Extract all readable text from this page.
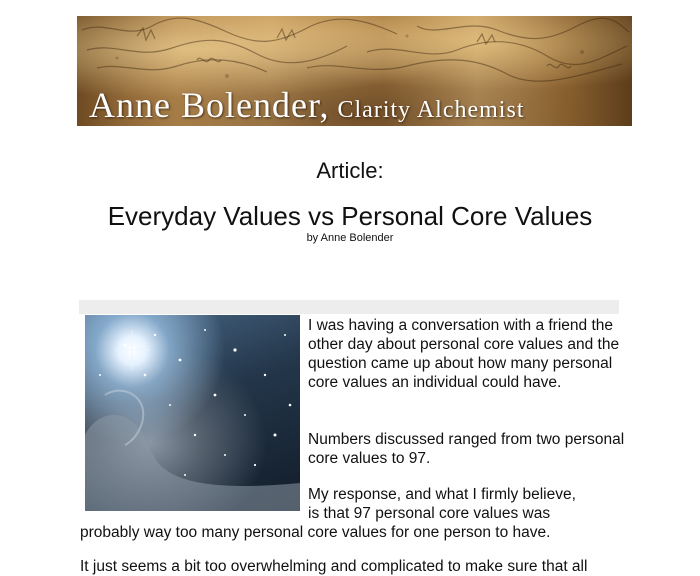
Anne Bolender, Clarity Alchemist
Article:
Everyday Values vs Personal Core Values
by Anne Bolender

I was having a conversation with a friend the other day about personal core values and the question came up about how many personal core values an individual could have.

Numbers discussed ranged from two personal core values to 97.

My response, and what I firmly believe,
is that 97 personal core values was
probably way too many personal core values for one person to have.
It just seems a bit too overwhelming and complicated to make sure that all
